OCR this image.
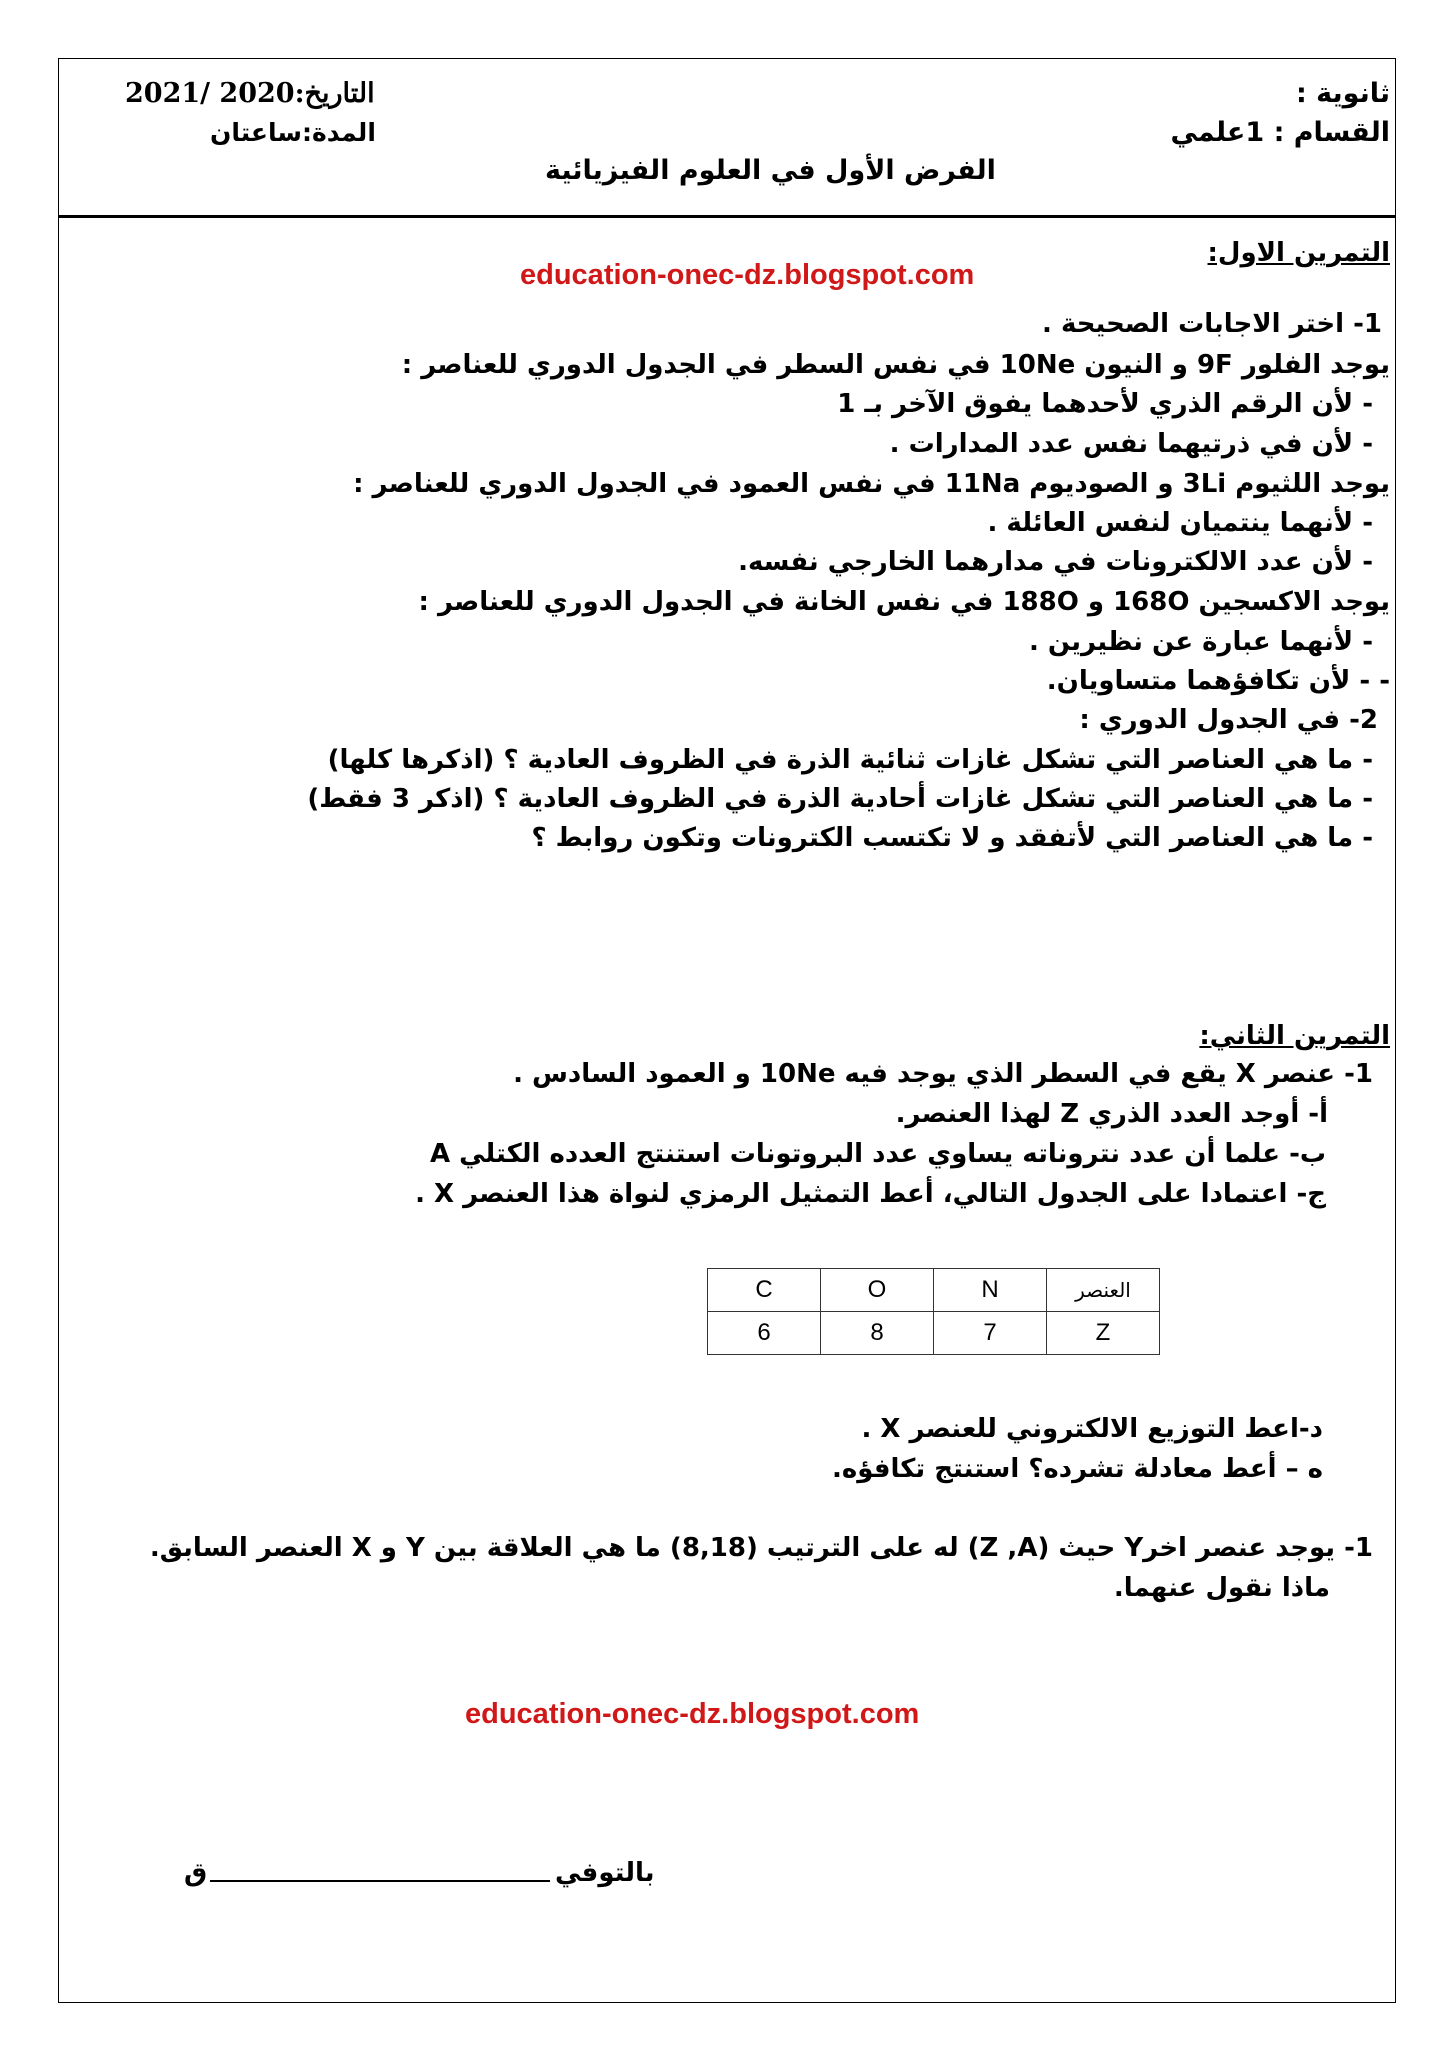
ثانوية :
القسام : 1علمي
التاريخ:2020 /2021
المدة:ساعتان
الفرض الأول في العلوم الفيزيائية
التمرين الاول:
education-onec-dz.blogspot.com
1- اختر الاجابات الصحيحة .
يوجد الفلور 9F و النيون 10Ne في نفس السطر في الجدول الدوري للعناصر :
- لأن الرقم الذري لأحدهما يفوق الآخر بـ 1
- لأن في ذرتيهما نفس عدد المدارات .
يوجد اللثيوم 3Li و الصوديوم 11Na في نفس العمود في الجدول الدوري للعناصر :
- لأنهما ينتميان لنفس العائلة .
- لأن عدد الالكترونات في مدارهما الخارجي نفسه.
يوجد الاكسجين 168O و 188O في نفس الخانة في الجدول الدوري للعناصر :
- لأنهما عبارة عن نظيرين .
- - لأن تكافؤهما متساويان.
2- في الجدول الدوري :
- ما هي العناصر التي تشكل غازات ثنائية الذرة في الظروف العادية ؟ (اذكرها كلها)
- ما هي العناصر التي تشكل غازات أحادية الذرة في الظروف العادية ؟ (اذكر 3 فقط)
- ما هي العناصر التي لأتفقد و لا تكتسب الكترونات وتكون روابط ؟
التمرين الثاني:
1- عنصر X يقع في السطر الذي يوجد فيه 10Ne و العمود السادس .
أ- أوجد العدد الذري Z لهذا العنصر.
ب- علما أن عدد نتروناته يساوي عدد البروتونات استنتج العدده الكتلي A
ج- اعتمادا على الجدول التالي، أعط التمثيل الرمزي لنواة هذا العنصر X .
C	O	N	العنصر
6	8	7	Z
د-اعط التوزيع الالكتروني للعنصر X .
ه – أعط معادلة تشرده؟ استنتج تكافؤه.
1- يوجد عنصر اخرY حيث (Z ,A) له على الترتيب (8,18) ما هي العلاقة بين Y و X العنصر السابق.
ماذا نقول عنهما.
education-onec-dz.blogspot.com
بالتوفي
ق
